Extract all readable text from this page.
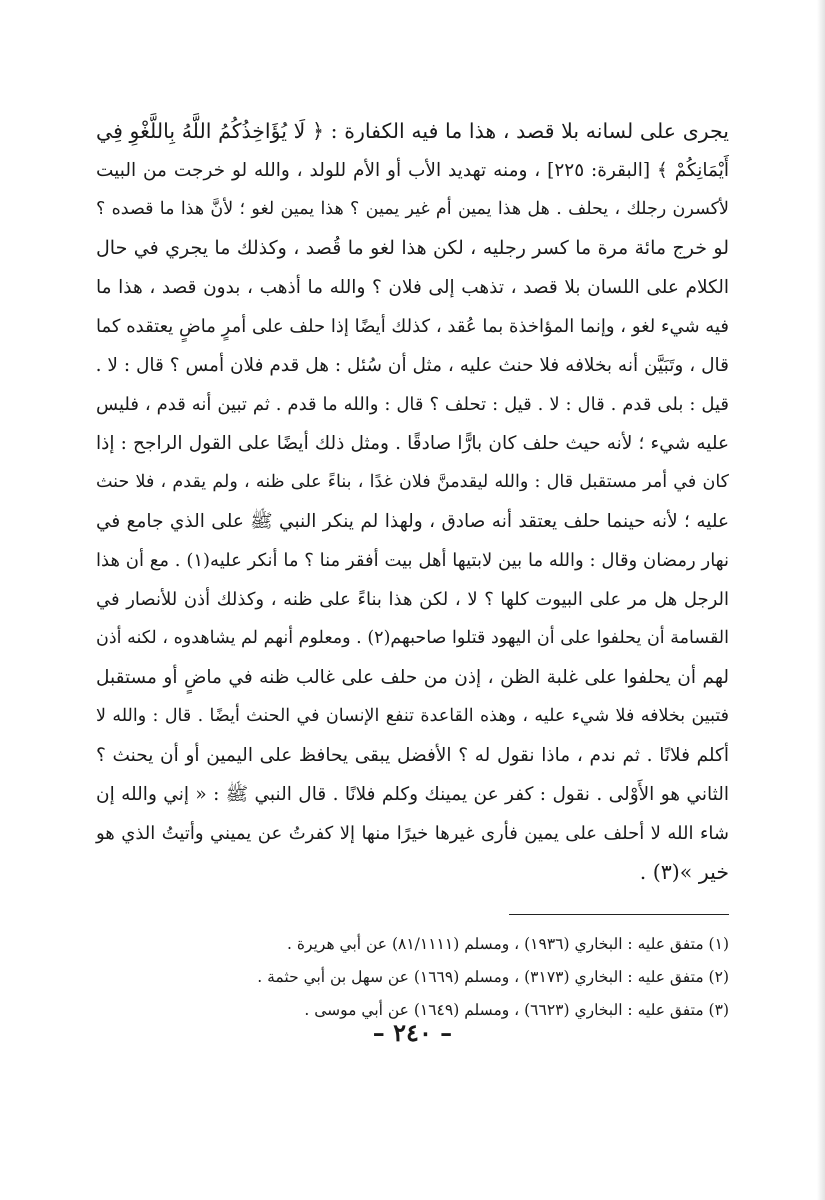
يجرى على لسانه بلا قصد ، هذا ما فيه الكفارة : ﴿ لَا يُؤَاخِذُكُمُ اللَّهُ بِاللَّغْوِ فِي
أَيْمَانِكُمْ ﴾ [البقرة: ٢٢٥] ، ومنه تهديد الأب أو الأم للولد ، والله لو خرجت من البيت
لأكسرن رجلك ، يحلف . هل هذا يمين أم غير يمين ؟ هذا يمين لغو ؛ لأنَّ هذا ما قصده ؟
لو خرج مائة مرة ما كسر رجليه ، لكن هذا لغو ما قُصد ، وكذلك ما يجري في حال
الكلام على اللسان بلا قصد ، تذهب إلى فلان ؟ والله ما أذهب ، بدون قصد ، هذا ما
فيه شيء لغو ، وإنما المؤاخذة بما عُقد ، كذلك أيضًا إذا حلف على أمرٍ ماضٍ يعتقده كما
قال ، وتَبَيَّن أنه بخلافه فلا حنث عليه ، مثل أن سُئل : هل قدم فلان أمس ؟ قال : لا .
قيل : بلى قدم . قال : لا . قيل : تحلف ؟ قال : والله ما قدم . ثم تبين أنه قدم ، فليس
عليه شيء ؛ لأنه حيث حلف كان بارًّا صادقًا . ومثل ذلك أيضًا على القول الراجح : إذا
كان في أمر مستقبل قال : والله ليقدمنَّ فلان غدًا ، بناءً على ظنه ، ولم يقدم ، فلا حنث
عليه ؛ لأنه حينما حلف يعتقد أنه صادق ، ولهذا لم ينكر النبي ﷺ على الذي جامع في
نهار رمضان وقال : والله ما بين لابتيها أهل بيت أفقر منا ؟ ما أنكر عليه(١) . مع أن هذا
الرجل هل مر على البيوت كلها ؟ لا ، لكن هذا بناءً على ظنه ، وكذلك أذن للأنصار في
القسامة أن يحلفوا على أن اليهود قتلوا صاحبهم(٢) . ومعلوم أنهم لم يشاهدوه ، لكنه أذن
لهم أن يحلفوا على غلبة الظن ، إذن من حلف على غالب ظنه في ماضٍ أو مستقبل
فتبين بخلافه فلا شيء عليه ، وهذه القاعدة تنفع الإنسان في الحنث أيضًا . قال : والله لا
أكلم فلانًا . ثم ندم ، ماذا نقول له ؟ الأفضل يبقى يحافظ على اليمين أو أن يحنث ؟
الثاني هو الأَوْلى . نقول : كفر عن يمينك وكلم فلانًا . قال النبي ﷺ : « إني والله إن
شاء الله لا أحلف على يمين فأرى غيرها خيرًا منها إلا كفرتُ عن يميني وأتيتُ الذي هو
خير »(٣) .
(١) متفق عليه : البخاري (١٩٣٦) ، ومسلم (٨١/١١١١) عن أبي هريرة .
(٢) متفق عليه : البخاري (٣١٧٣) ، ومسلم (١٦٦٩) عن سهل بن أبي حثمة .
(٣) متفق عليه : البخاري (٦٦٢٣) ، ومسلم (١٦٤٩) عن أبي موسى .
– ٢٤٠ –
